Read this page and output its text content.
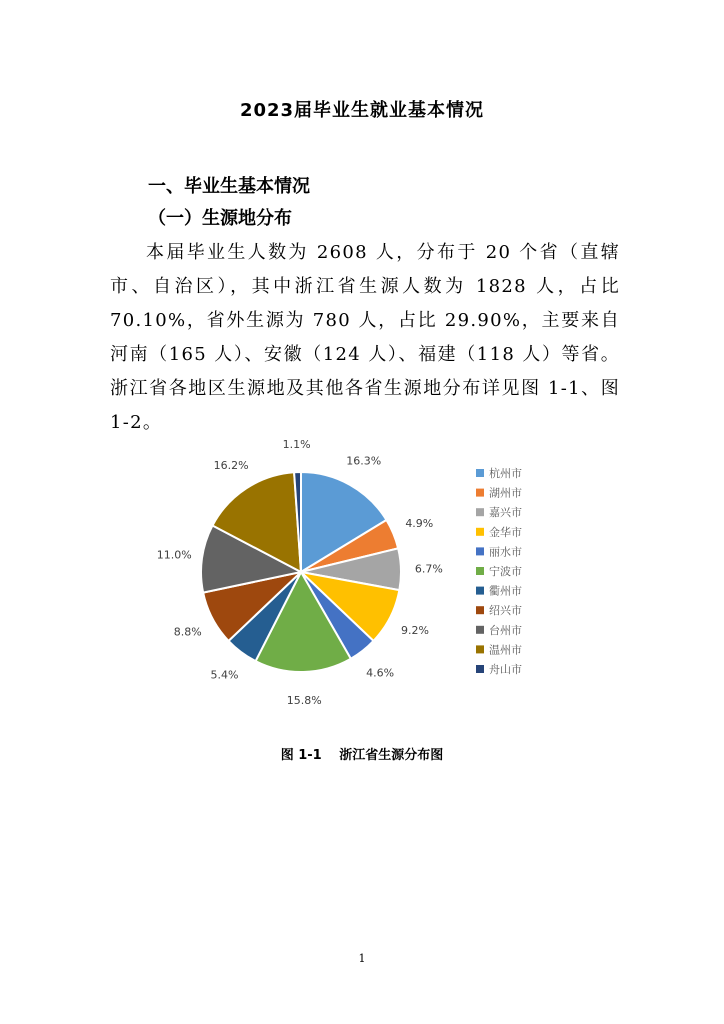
2023届毕业生就业基本情况
一、毕业生基本情况
（一）生源地分布
本届毕业生人数为 2608 人，分布于 20 个省（直辖市、自治区），其中浙江省生源人数为 1828 人，占比 70.10%，省外生源为 780 人，占比 29.90%，主要来自河南（165 人）、安徽（124 人）、福建（118 人）等省。浙江省各地区生源地及其他各省生源地分布详见图 1-1、图 1-2。
16.3%
杭州市
4.9%
湖州市
6.7%
嘉兴市
9.2%
金华市
4.6%
丽水市
15.8%
宁波市
5.4%
衢州市
8.8%
绍兴市
11.0%
台州市
16.2%
温州市
1.1%
舟山市
图 1-1　 浙江省生源分布图
1
